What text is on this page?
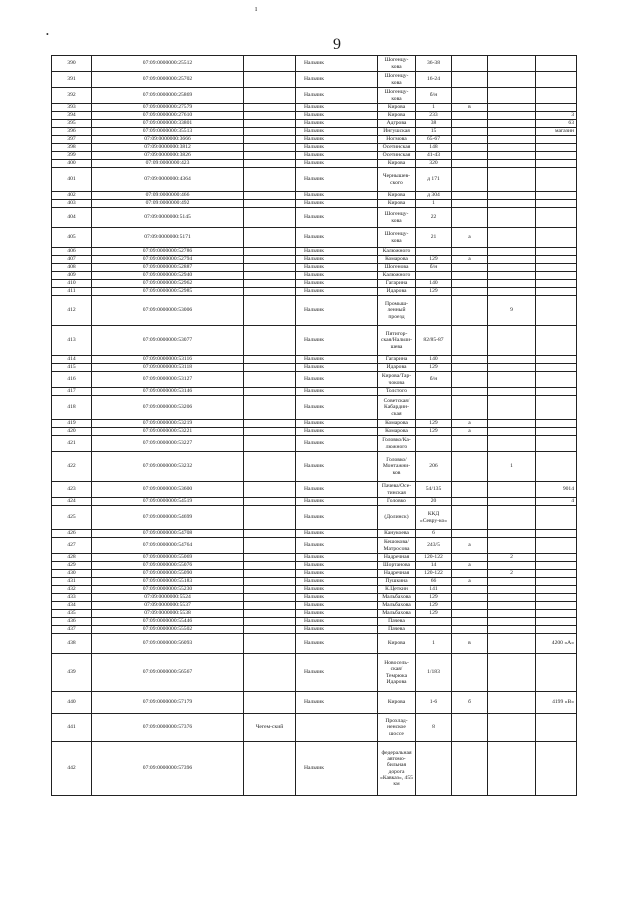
9
ı
•
390	07:09:0000000:25512		Нальчик	Шогенцу-кова	36-38			
391	07:09:0000000:25702		Нальчик	Шогенцу-кова	16-24			
392	07:09:0000000:25869		Нальчик	Шогенцу-кова	б/н			
393	07:09:0000000:27579		Нальчик	Кирова	1	в		
394	07:09:0000000:27610		Нальчик	Кирова	233			3
395	07:09:0000000:33801		Нальчик	Адгрова	38			63
396	07:09:0000000:35513		Нальчик	Ингушская	15			магазин
397	07:09:0000000:3666		Нальчик	Ногмова	65-67			
398	07:09:0000000:3812		Нальчик	Осетинская	148			
399	07:09:0000000:3826		Нальчик	Осетинская	41-43			
400	07:09:0000000:423		Нальчик	Кирова	320			
401	07:09:0000000:4364		Нальчик	Чернышев-ского	д 171			
402	07:09:0000000:466		Нальчик	Кирова	д 304			
403	07:09:0000000:492		Нальчик	Кирова	1			
404	07:09:0000000:5145		Нальчик	Шогенцу-кова	22			
405	07:09:0000000:5171		Нальчик	Шогенцу-кова	21	а		
406	07:09:0000000:52786		Нальчик	Калюжного				
407	07:09:0000000:52794		Нальчик	Комарова	129	а		
408	07:09:0000000:52887		Нальчик	Шогенова	б/н			
409	07:09:0000000:52940		Нальчик	Калюжного				
410	07:09:0000000:52962		Нальчик	Гагарина	140			
411	07:09:0000000:52985		Нальчик	Идарова	129			
412	07:09:0000000:53006		Нальчик	Промыш-ленный проезд			9	
413	07:09:0000000:53077		Нальчик	Пятигор-ская/Нальчи-шева	82/85-87			
414	07:09:0000000:53116		Нальчик	Гагарина	140			
415	07:09:0000000:53118		Нальчик	Идарова	129			
416	07:09:0000000:53127		Нальчик	Кирова/Тар-чокова	б/н			
417	07:09:0000000:53146		Нальчик	Толстого				
418	07:09:0000000:53206		Нальчик	Советская/Кабардин-ская				
419	07:09:0000000:53219		Нальчик	Комарова	129	а		
420	07:09:0000000:53221		Нальчик	Комарова	129	а		
421	07:09:0000000:53227		Нальчик	Головко/Ка-люжного				
422	07:09:0000000:53232		Нальчик	Головко/Монтажни-ков	206		1	
423	07:09:0000000:53600		Нальчик	Пачева/Осе-тинская	54/135			9014
424	07:09:0000000:54519		Нальчик	Головко	20			4
425	07:09:0000000:54699		Нальчик	(Долинск)	ККД «Севру-ко»			
426	07:09:0000000:54708		Нальчик	Канукоева	6			
427	07:09:0000000:54764		Нальчик	Кешокова/Матросова	243/5	а		
428	07:09:0000000:55069		Нальчик	Надречная	120-122		2	
429	07:09:0000000:55076		Нальчик	Шортанова	14	а		
430	07:09:0000000:55090		Нальчик	Надречная	120-122		2	
431	07:09:0000000:55183		Нальчик	Пушкина	66	а		
432	07:09:0000000:55230		Нальчик	К.Цеткин	141			
433	07:09:0000000:5524		Нальчик	Мальбахова	129			
434	07:09:0000000:5537		Нальчик	Мальбахова	129			
435	07:09:0000000:5538		Нальчик	Мальбахова	129			
436	07:09:0000000:55446		Нальчик	Пачева				
437	07:09:0000000:55502		Нальчик	Пачева				
438	07:09:0000000:56093		Нальчик	Кирова	1	в		4200 «А»
439	07:09:0000000:56567		Нальчик	Новосель-ская/Темрюка Идарова	1/183			
440	07:09:0000000:57179		Нальчик	Кирова	1-6	б		4199 «В»
441	07:09:0000000:57376	Чегем-ский		Прохлад-ненское шоссе	8			
442	07:09:0000000:57396		Нальчик	федеральная автомо-бильная дорога «Кавказ», 455 км				
